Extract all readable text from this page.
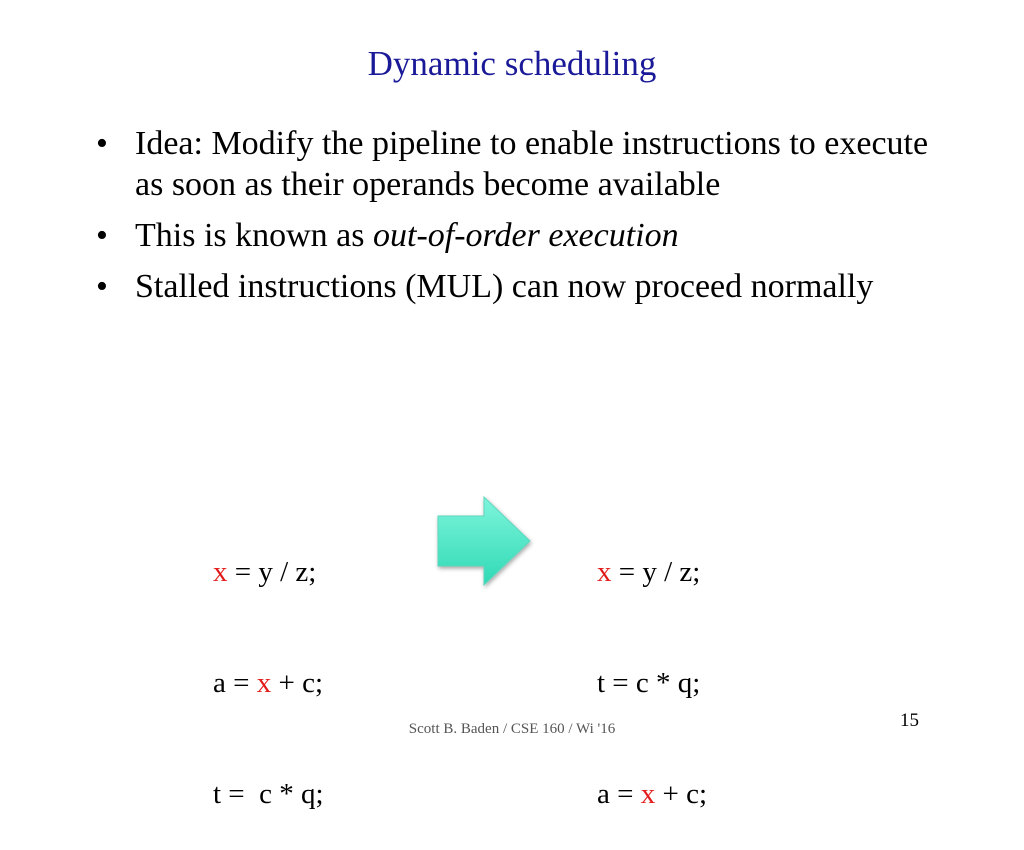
Dynamic scheduling
• Idea: Modify the pipeline to enable instructions to execute as soon as their operands become available
• This is known as out-of-order execution
• Stalled instructions (MUL) can now proceed normally

x = y / z;

a = x + c;

t =  c * q;

x = y / z;

t = c * q;

a = x + c;

Scott B. Baden / CSE 160 / Wi '16	15
